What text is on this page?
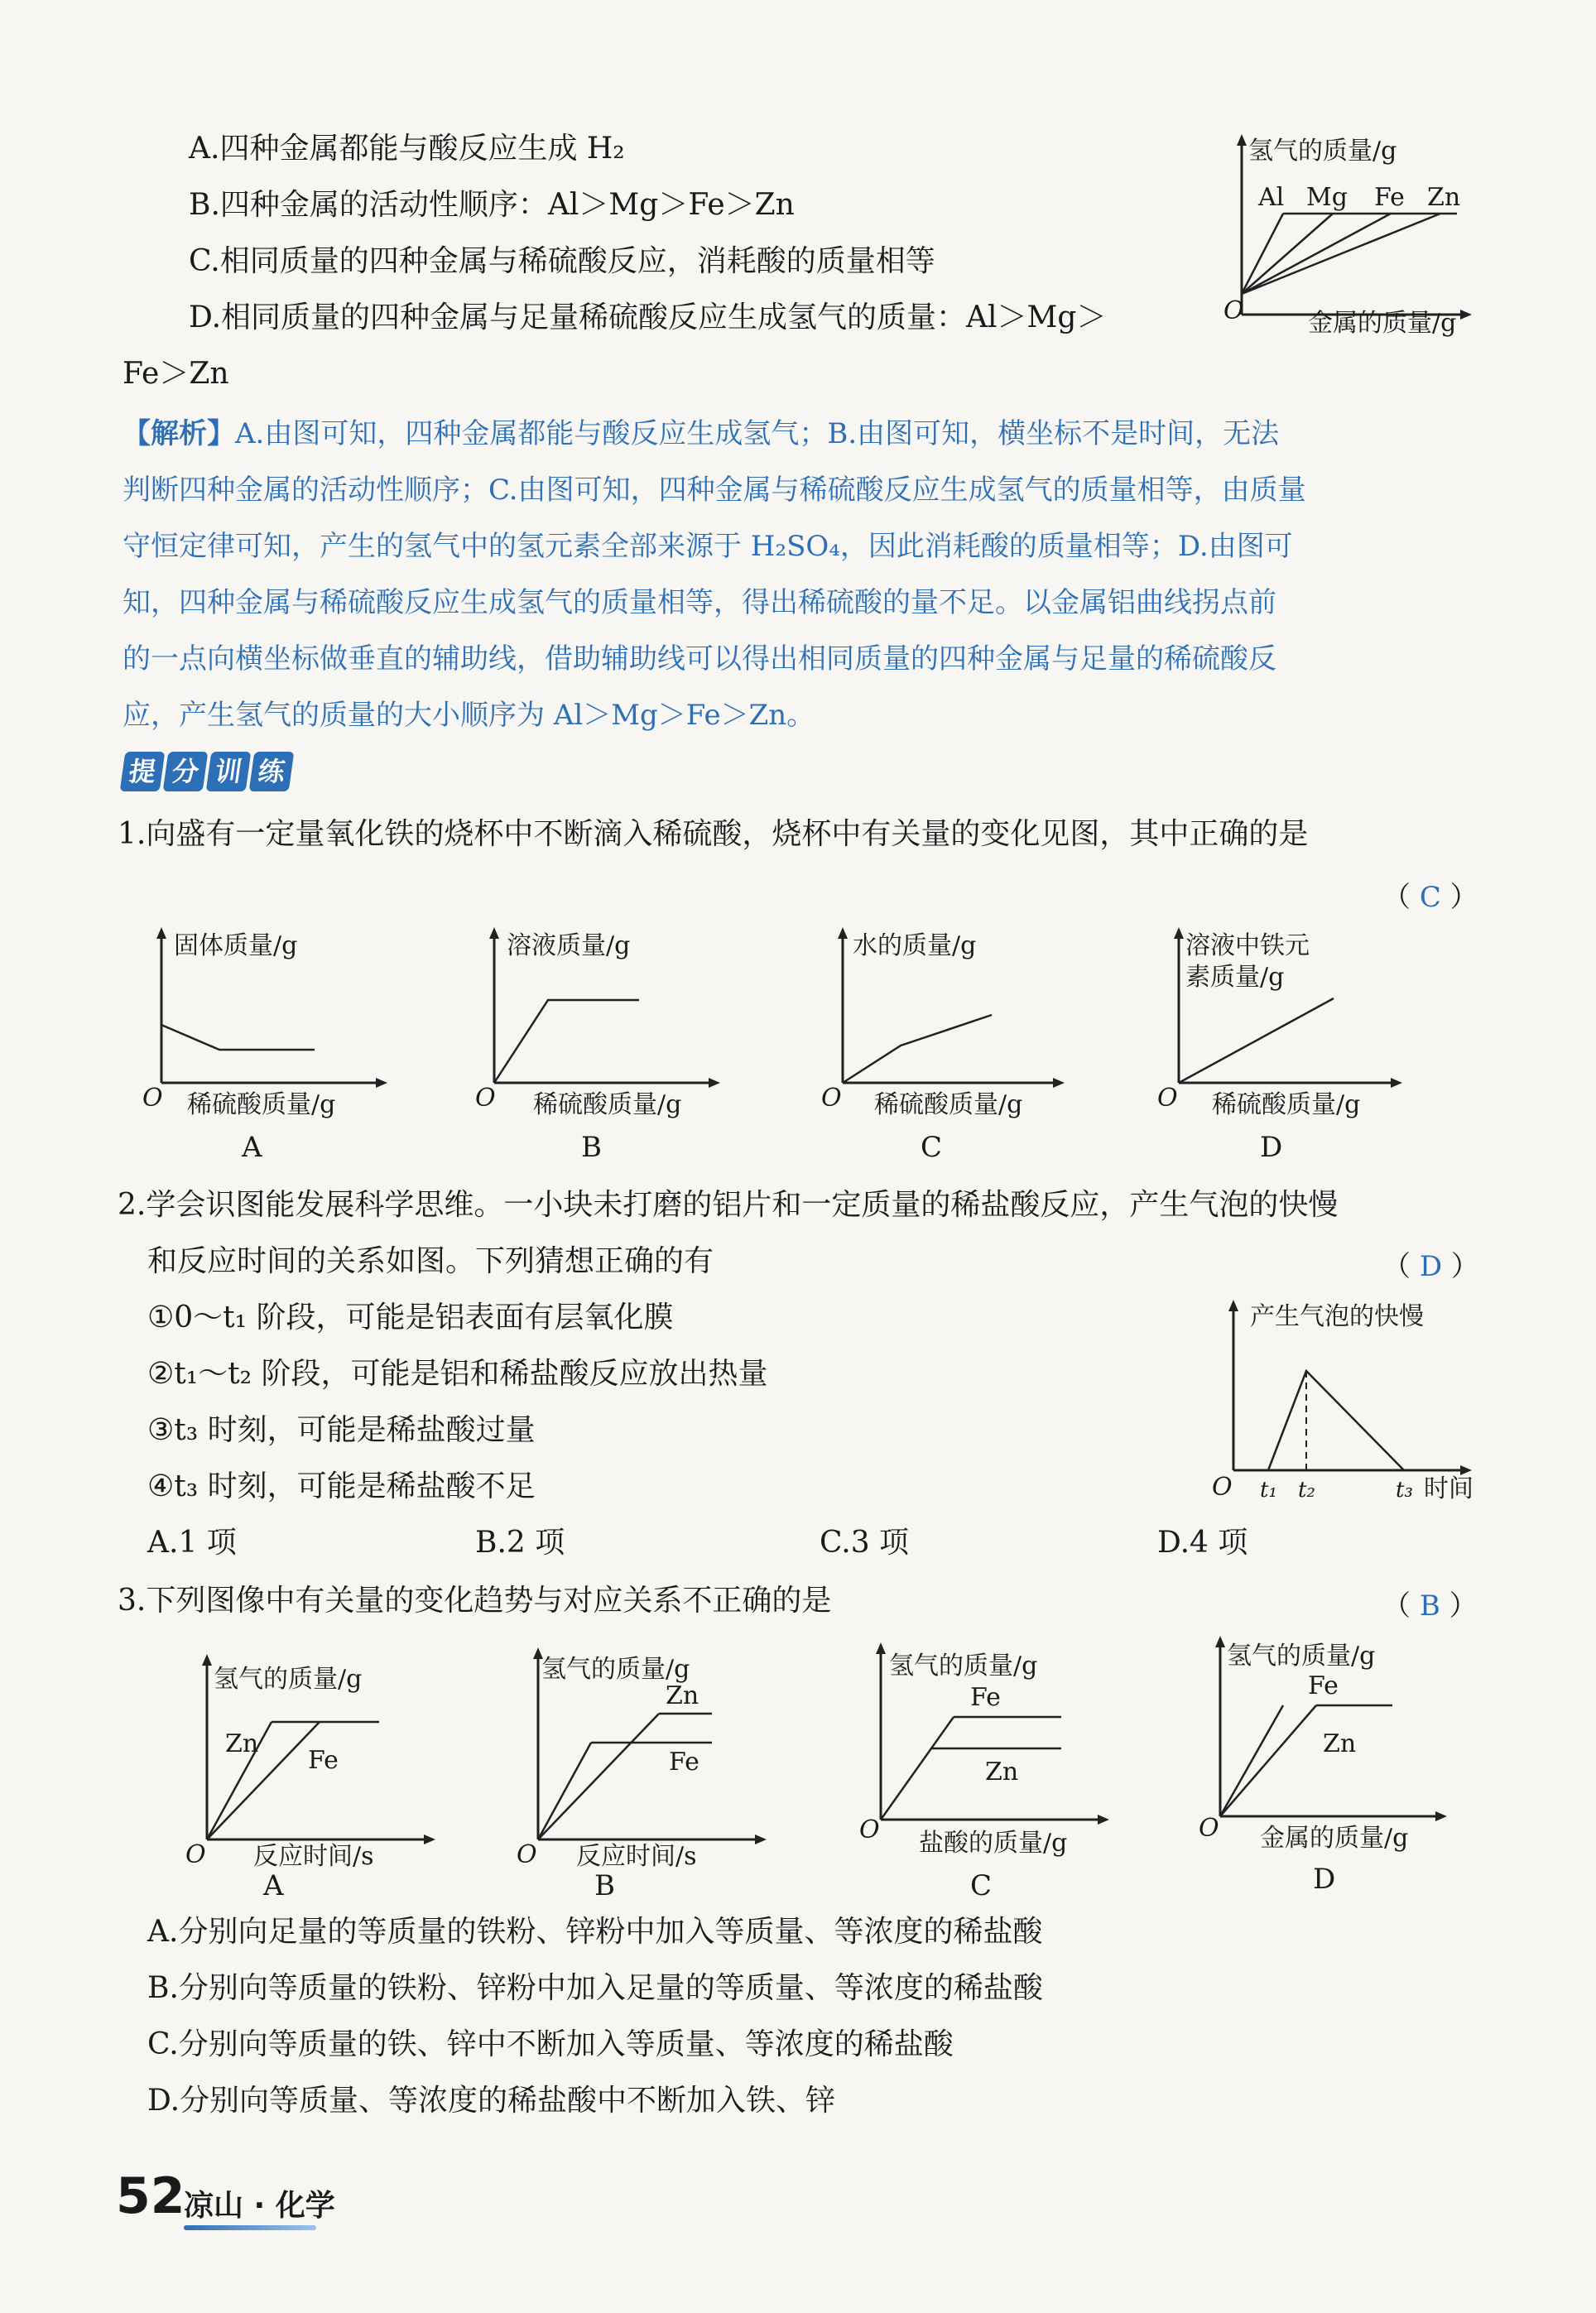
A.四种金属都能与酸反应生成 H₂
B.四种金属的活动性顺序：Al＞Mg＞Fe＞Zn
C.相同质量的四种金属与稀硫酸反应，消耗酸的质量相等
D.相同质量的四种金属与足量稀硫酸反应生成氢气的质量：Al＞Mg＞
Fe＞Zn
氢气的质量/g
O	金属的质量/g
Al Mg Fe Zn
【解析】A.由图可知，四种金属都能与酸反应生成氢气；B.由图可知，横坐标不是时间，无法
判断四种金属的活动性顺序；C.由图可知，四种金属与稀硫酸反应生成氢气的质量相等，由质量
守恒定律可知，产生的氢气中的氢元素全部来源于 H₂SO₄，因此消耗酸的质量相等；D.由图可
知，四种金属与稀硫酸反应生成氢气的质量相等，得出稀硫酸的量不足。以金属铝曲线拐点前
的一点向横坐标做垂直的辅助线，借助辅助线可以得出相同质量的四种金属与足量的稀硫酸反
应，产生氢气的质量的大小顺序为 Al＞Mg＞Fe＞Zn。
提 分 训 练
1.向盛有一定量氧化铁的烧杯中不断滴入稀硫酸，烧杯中有关量的变化见图，其中正确的是
（ C ）
固体质量/g
O 稀硫酸质量/g
A
溶液质量/g
O 稀硫酸质量/g
B
水的质量/g
O 稀硫酸质量/g
C
溶液中铁元
素质量/g
O 稀硫酸质量/g
D
2.学会识图能发展科学思维。一小块未打磨的铝片和一定质量的稀盐酸反应，产生气泡的快慢
和反应时间的关系如图。下列猜想正确的有	（ D ）
①0～t₁ 阶段，可能是铝表面有层氧化膜
②t₁～t₂ 阶段，可能是铝和稀盐酸反应放出热量
③t₃ 时刻，可能是稀盐酸过量
④t₃ 时刻，可能是稀盐酸不足
A.1 项	B.2 项	C.3 项	D.4 项
产生气泡的快慢
O t₁ t₂	t₃ 时间
3.下列图像中有关量的变化趋势与对应关系不正确的是	（ B ）
氢气的质量/g
O 反应时间/s
Zn
Fe
A
氢气的质量/g
O 反应时间/s
Zn
Fe
B
氢气的质量/g
O 盐酸的质量/g
Fe
Zn
C
氢气的质量/g
O 金属的质量/g
Fe
Zn
D
A.分别向足量的等质量的铁粉、锌粉中加入等质量、等浓度的稀盐酸
B.分别向等质量的铁粉、锌粉中加入足量的等质量、等浓度的稀盐酸
C.分别向等质量的铁、锌中不断加入等质量、等浓度的稀盐酸
D.分别向等质量、等浓度的稀盐酸中不断加入铁、锌
52
凉山 · 化学
